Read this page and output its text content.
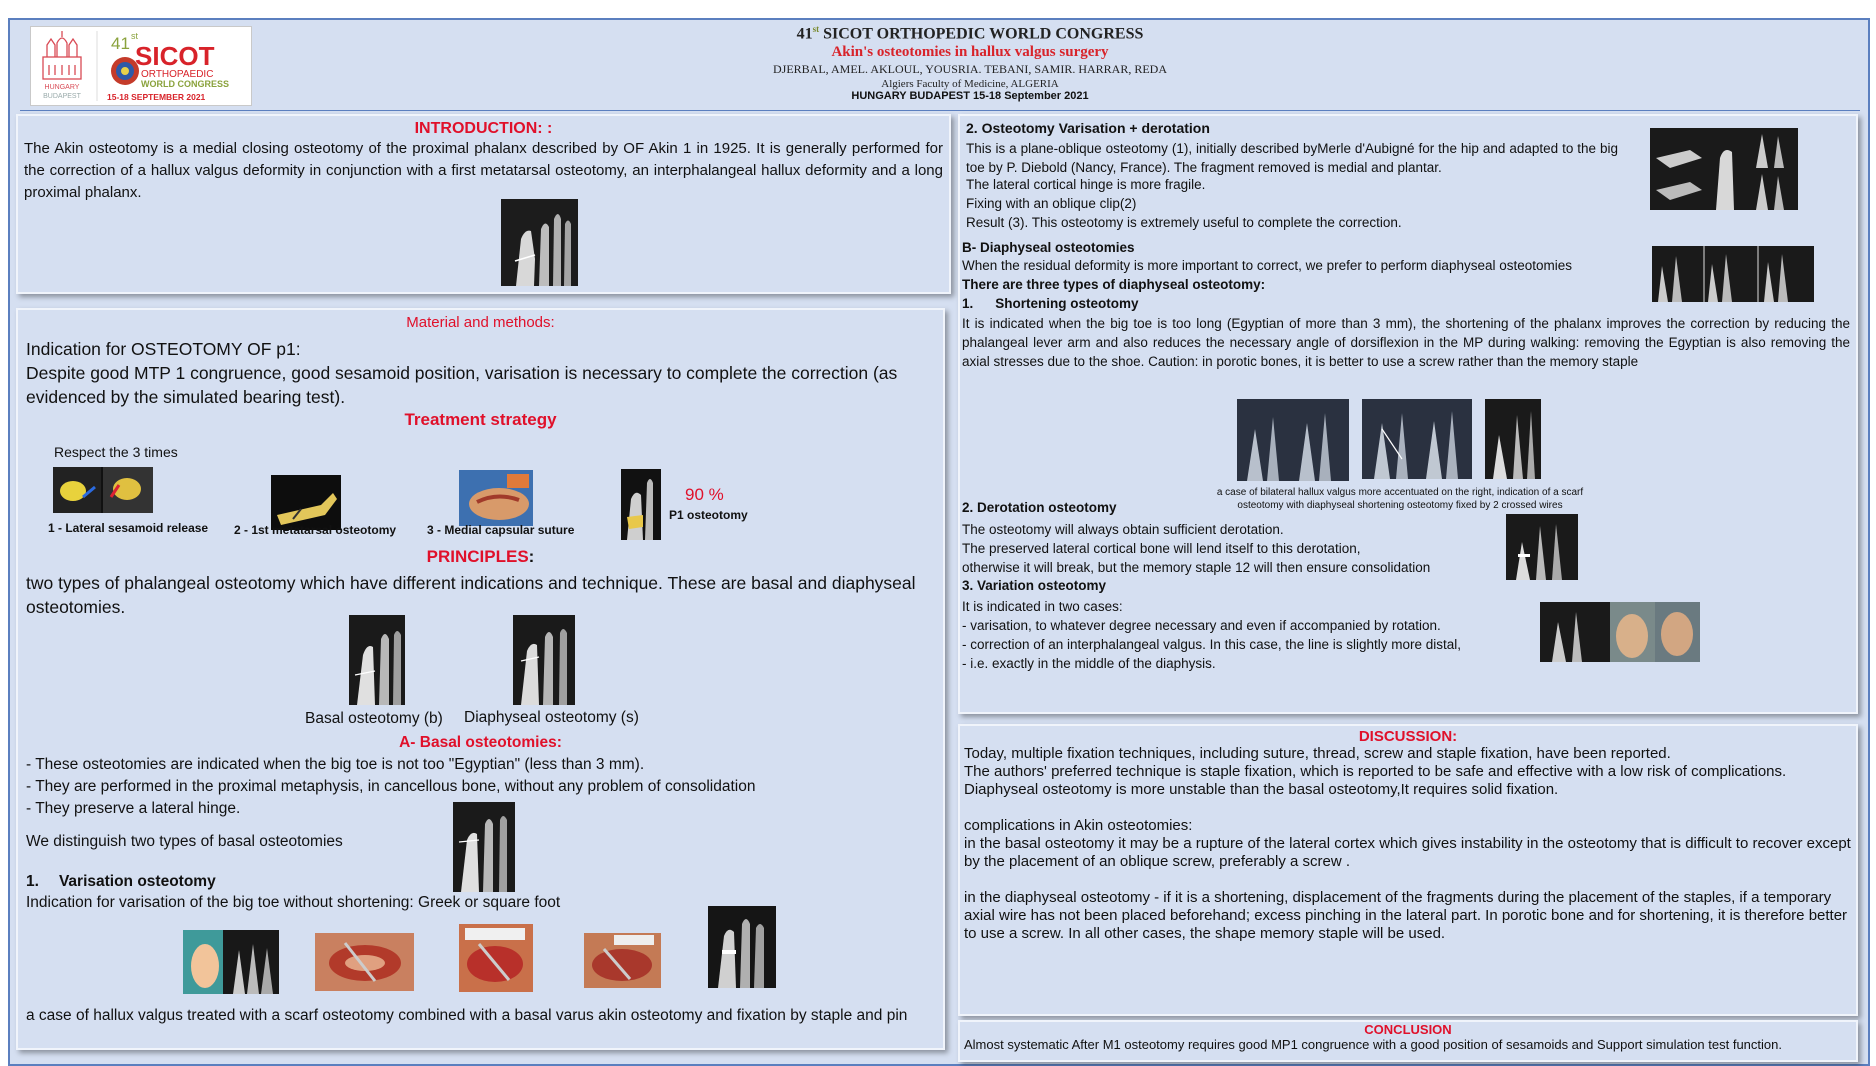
HUNGARY
BUDAPEST
41 st
SICOT
ORTHOPAEDIC
WORLD CONGRESS
15-18 SEPTEMBER 2021
41st SICOT ORTHOPEDIC WORLD CONGRESS
Akin's osteotomies in hallux valgus surgery
DJERBAL, AMEL. AKLOUL, YOUSRIA. TEBANI, SAMIR. HARRAR, REDA
Algiers Faculty of Medicine, ALGERIA
HUNGARY BUDAPEST 15-18 September 2021
INTRODUCTION: :
The Akin osteotomy is a medial closing osteotomy of the proximal phalanx described by OF Akin 1 in 1925. It is generally performed for the correction of a hallux valgus deformity in conjunction with a first metatarsal osteotomy, an interphalangeal hallux deformity and a long proximal phalanx.
Material and methods:
Indication for OSTEOTOMY OF p1:
Despite good MTP 1 congruence, good sesamoid position, varisation is necessary to complete the correction (as evidenced by the simulated bearing test).
Treatment strategy
Respect the 3 times
90 %
P1 osteotomy
1 - Lateral sesamoid release 2 - 1st metatarsal osteotomy	3 - Medial capsular suture
PRINCIPLES:
two types of phalangeal osteotomy which have different indications and technique. These are basal and diaphyseal osteotomies.
Basal osteotomy (b) Diaphyseal osteotomy (s)
A- Basal osteotomies:
- These osteotomies are indicated when the big toe is not too "Egyptian" (less than 3 mm).
- They are performed in the proximal metaphysis, in cancellous bone, without any problem of consolidation
- They preserve a lateral hinge.
We distinguish two types of basal osteotomies
1. Varisation osteotomy
Indication for varisation of the big toe without shortening: Greek or square foot
a case of hallux valgus treated with a scarf osteotomy combined with a basal varus akin osteotomy and fixation by staple and pin
2. Osteotomy Varisation + derotation
This is a plane-oblique osteotomy (1), initially described byMerle d'Aubigné for the hip and adapted to the big toe by P. Diebold (Nancy, France). The fragment removed is medial and plantar.
The lateral cortical hinge is more fragile.
Fixing with an oblique clip(2)
Result (3). This osteotomy is extremely useful to complete the correction.
B- Diaphyseal osteotomies
When the residual deformity is more important to correct, we prefer to perform diaphyseal osteotomies
There are three types of diaphyseal osteotomy:
1. Shortening osteotomy
It is indicated when the big toe is too long (Egyptian of more than 3 mm), the shortening of the phalanx improves the correction by reducing the phalangeal lever arm and also reduces the necessary angle of dorsiflexion in the MP during walking: removing the Egyptian is also removing the axial stresses due to the shoe. Caution: in porotic bones, it is better to use a screw rather than the memory staple
a case of bilateral hallux valgus more accentuated on the right, indication of a scarf osteotomy with diaphyseal shortening osteotomy fixed by 2 crossed wires
2. Derotation osteotomy
The osteotomy will always obtain sufficient derotation.
The preserved lateral cortical bone will lend itself to this derotation,
otherwise it will break, but the memory staple 12 will then ensure consolidation
3. Variation osteotomy
It is indicated in two cases:
- varisation, to whatever degree necessary and even if accompanied by rotation.
- correction of an interphalangeal valgus. In this case, the line is slightly more distal,
- i.e. exactly in the middle of the diaphysis.
DISCUSSION:
Today, multiple fixation techniques, including suture, thread, screw and staple fixation, have been reported.
The authors' preferred technique is staple fixation, which is reported to be safe and effective with a low risk of complications.
Diaphyseal osteotomy is more unstable than the basal osteotomy,It requires solid fixation.
complications in Akin osteotomies:
in the basal osteotomy it may be a rupture of the lateral cortex which gives instability in the osteotomy that is difficult to recover except by the placement of an oblique screw, preferably a screw .
in the diaphyseal osteotomy - if it is a shortening, displacement of the fragments during the placement of the staples, if a temporary axial wire has not been placed beforehand; excess pinching in the lateral part. In porotic bone and for shortening, it is therefore better to use a screw. In all other cases, the shape memory staple will be used.
CONCLUSION
Almost systematic After M1 osteotomy requires good MP1 congruence with a good position of sesamoids and Support simulation test function.
